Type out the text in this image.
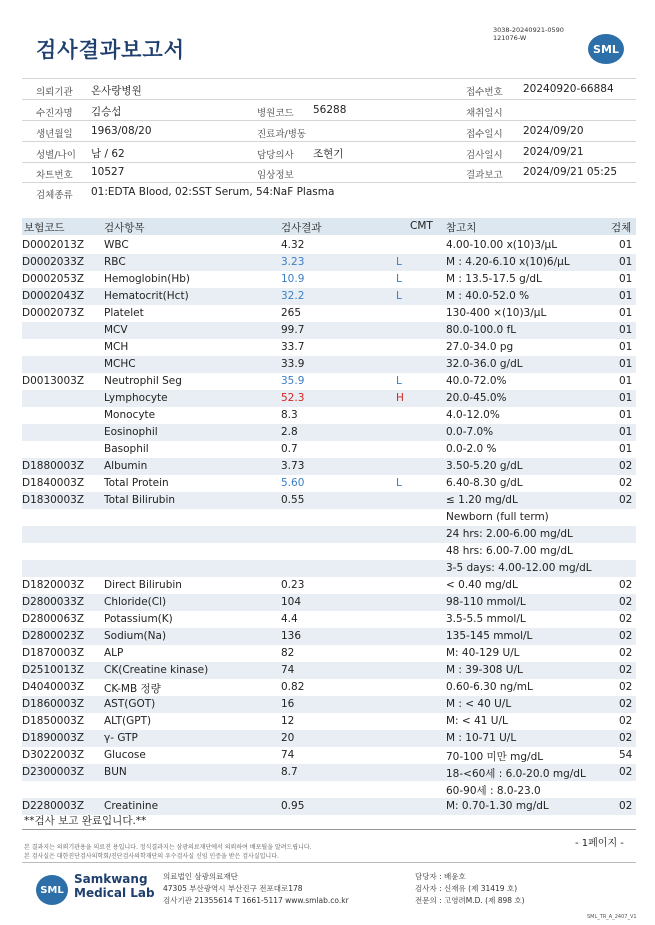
검사결과보고서
3038-20240921-0590
121076-W
SML
의뢰기관 온사랑병원	접수번호 20240920-66884
수진자명 김승섭	병원코드 56288	채취일시
생년월일 1963/08/20	진료과/병동	접수일시 2024/09/20
성별/나이 남 / 62	담당의사 조현기	검사일시 2024/09/21
차트번호 10527	임상정보	결과보고 2024/09/21 05:25
검체종류 01:EDTA Blood, 02:SST Serum, 54:NaF Plasma
보험코드	검사항목	검사결과	CMT 참고치	검체
D0002013Z WBC	4.32	4.00-10.00 x(10)3/μL	01
D0002033Z RBC	3.23	L	M : 4.20-6.10 x(10)6/μL	01
D0002053Z Hemoglobin(Hb)	10.9	L	M : 13.5-17.5 g/dL	01
D0002043Z Hematocrit(Hct)	32.2	L	M : 40.0-52.0 %	01
D0002073Z Platelet	265	130-400 ×(10)3/μL	01
MCV	99.7	80.0-100.0 fL	01
MCH	33.7	27.0-34.0 pg	01
MCHC	33.9	32.0-36.0 g/dL	01
D0013003Z Neutrophil Seg	35.9	L	40.0-72.0%	01
Lymphocyte	52.3	H	20.0-45.0%	01
Monocyte	8.3	4.0-12.0%	01
Eosinophil	2.8	0.0-7.0%	01
Basophil	0.7	0.0-2.0 %	01
D1880003Z Albumin	3.73	3.50-5.20 g/dL	02
D1840003Z Total Protein	5.60	L	6.40-8.30 g/dL	02
D1830003Z Total Bilirubin	0.55	≤ 1.20 mg/dL	02
Newborn (full term)
24 hrs: 2.00-6.00 mg/dL
48 hrs: 6.00-7.00 mg/dL
3-5 days: 4.00-12.00 mg/dL
D1820003Z Direct Bilirubin	0.23	< 0.40 mg/dL	02
D2800033Z Chloride(Cl)	104	98-110 mmol/L	02
D2800063Z Potassium(K)	4.4	3.5-5.5 mmol/L	02
D2800023Z Sodium(Na)	136	135-145 mmol/L	02
D1870003Z ALP	82	M: 40-129 U/L	02
D2510013Z CK(Creatine kinase)	74	M : 39-308 U/L	02
D4040003Z CK-MB 정량	0.82	0.60-6.30 ng/mL	02
D1860003Z AST(GOT)	16	M : < 40 U/L	02
D1850003Z ALT(GPT)	12	M: < 41 U/L	02
D1890003Z γ- GTP	20	M : 10-71 U/L	02
D3022003Z Glucose	74	70-100 미만 mg/dL	54
D2300003Z BUN	8.7	18-<60세 : 6.0-20.0 mg/dL	02
60-90세 : 8.0-23.0
D2280003Z Creatinine	0.95	M: 0.70-1.30 mg/dL	02
**검사 보고 완료입니다.**
- 1페이지 -
본 결과지는 의뢰기관용을 의료진 용입니다. 정식결과지는 삼광의료재단에서 의뢰하여 배포될을 알려드립니다.
본 검사실은 대한진단검사의학회/진단검사의학재단의 우수검사실 신임 인증을 받은 검사실입니다.
SML
Samkwang
Medical Lab
의료법인 삼광의료재단
47305 부산광역시 부산진구 전포대로178
검사기관 21355614 T 1661-5117 www.smlab.co.kr
담당자 : 배윤호
검사자 : 신재유 (제 31419 호)
전문의 : 고영려M.D. (제 898 호)
SML_TR_A_2407_V1
